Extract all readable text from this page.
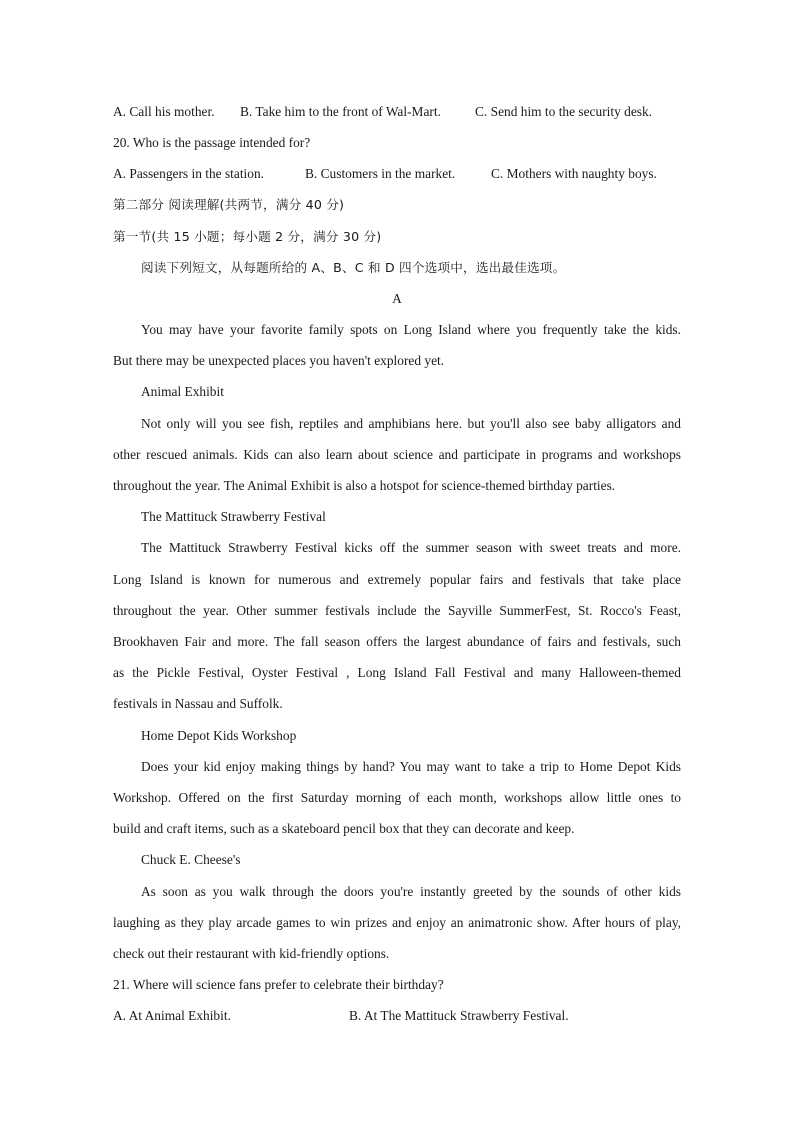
A. Call his mother. B. Take him to the front of Wal-Mart.	C. Send him to the security desk.
20. Who is the passage intended for?
A. Passengers in the station.	B. Customers in the market.	C. Mothers with naughty boys.
第二部分 阅读理解(共两节，满分 40 分)
第一节(共 15 小题；每小题 2 分，满分 30 分)
阅读下列短文，从每题所给的 A、B、C 和 D 四个选项中，选出最佳选项。
A
You may have your favorite family spots on Long Island where you frequently take the kids.
But there may be unexpected places you haven't explored yet.
Animal Exhibit
Not only will you see fish, reptiles and amphibians here. but you'll also see baby alligators and
other rescued animals. Kids can also learn about science and participate in programs and workshops
throughout the year. The Animal Exhibit is also a hotspot for science-themed birthday parties.
The Mattituck Strawberry Festival
The Mattituck Strawberry Festival kicks off the summer season with sweet treats and more.
Long Island is known for numerous and extremely popular fairs and festivals that take place
throughout the year. Other summer festivals include the Sayville SummerFest, St. Rocco's Feast,
Brookhaven Fair and more. The fall season offers the largest abundance of fairs and festivals, such
as the Pickle Festival, Oyster Festival , Long Island Fall Festival and many Halloween-themed
festivals in Nassau and Suffolk.
Home Depot Kids Workshop
Does your kid enjoy making things by hand? You may want to take a trip to Home Depot Kids
Workshop. Offered on the first Saturday morning of each month, workshops allow little ones to
build and craft items, such as a skateboard pencil box that they can decorate and keep.
Chuck E. Cheese's
As soon as you walk through the doors you're instantly greeted by the sounds of other kids
laughing as they play arcade games to win prizes and enjoy an animatronic show. After hours of play,
check out their restaurant with kid-friendly options.
21. Where will science fans prefer to celebrate their birthday?
A. At Animal Exhibit.	B. At The Mattituck Strawberry Festival.
